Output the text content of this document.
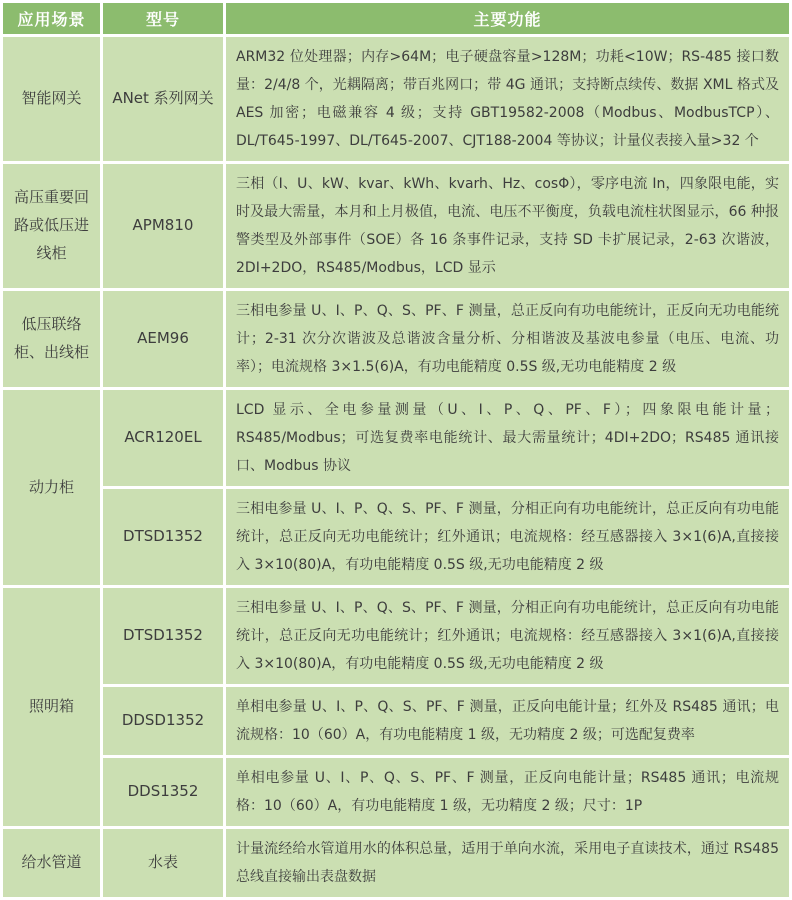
应用场景	型号	主要功能
智能网关	ANet 系列网关	ARM32 位处理器；内存>64M；电子硬盘容量>128M；功耗<10W；RS-485 接口数量：2/4/8 个，光耦隔离；带百兆网口；带 4G 通讯；支持断点续传、数据 XML 格式及 AES 加密；电磁兼容 4 级；支持 GBT19582-2008（Modbus、ModbusTCP）、DL/T645-1997、DL/T645-2007、CJT188-2004 等协议；计量仪表接入量>32 个
高压重要回路或低压进线柜	APM810	三相（I、U、kW、kvar、kWh、kvarh、Hz、cosΦ），零序电流 In，四象限电能，实时及最大需量，本月和上月极值，电流、电压不平衡度，负载电流柱状图显示，66 种报警类型及外部事件（SOE）各 16 条事件记录，支持 SD 卡扩展记录，2-63 次谐波，2DI+2DO，RS485/Modbus，LCD 显示
低压联络柜、出线柜	AEM96	三相电参量 U、I、P、Q、S、PF、F 测量，总正反向有功电能统计，正反向无功电能统计；2-31 次分次谐波及总谐波含量分析、分相谐波及基波电参量（电压、电流、功率）；电流规格 3×1.5(6)A，有功电能精度 0.5S 级,无功电能精度 2 级
动力柜	ACR120EL	LCD 显示、全电参量测量（U、I、P、Q、PF、F）；四象限电能计量；RS485/Modbus；可选复费率电能统计、最大需量统计；4DI+2DO；RS485 通讯接口、Modbus 协议
	DTSD1352	三相电参量 U、I、P、Q、S、PF、F 测量，分相正向有功电能统计，总正反向有功电能统计，总正反向无功电能统计；红外通讯；电流规格：经互感器接入 3×1(6)A,直接接入 3×10(80)A，有功电能精度 0.5S 级,无功电能精度 2 级
照明箱	DTSD1352	三相电参量 U、I、P、Q、S、PF、F 测量，分相正向有功电能统计，总正反向有功电能统计，总正反向无功电能统计；红外通讯；电流规格：经互感器接入 3×1(6)A,直接接入 3×10(80)A，有功电能精度 0.5S 级,无功电能精度 2 级
	DDSD1352	单相电参量 U、I、P、Q、S、PF、F 测量，正反向电能计量；红外及 RS485 通讯；电流规格：10（60）A，有功电能精度 1 级，无功精度 2 级；可选配复费率
	DDS1352	单相电参量 U、I、P、Q、S、PF、F 测量，正反向电能计量；RS485 通讯；电流规格：10（60）A，有功电能精度 1 级，无功精度 2 级；尺寸：1P
给水管道	水表	计量流经给水管道用水的体积总量，适用于单向水流，采用电子直读技术，通过 RS485 总线直接输出表盘数据
